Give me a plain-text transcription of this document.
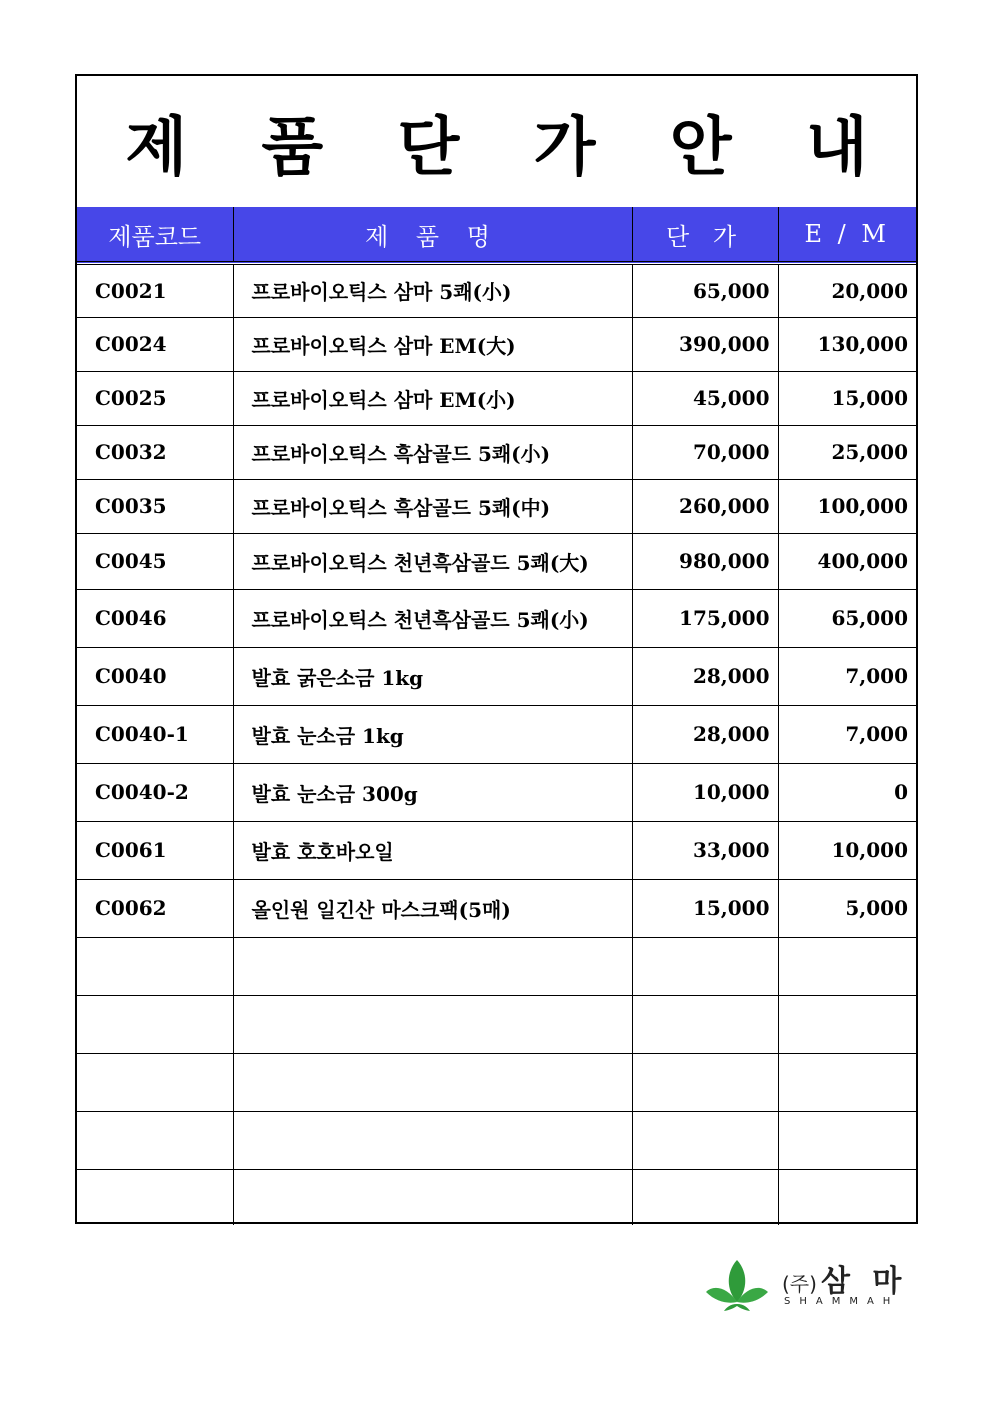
제 품 단 가 안 내
제품코드	제 품 명	단 가	E / M
C0021	프로바이오틱스 삼마 5쾌(小)	65,000	20,000
C0024	프로바이오틱스 삼마 EM(大)	390,000	130,000
C0025	프로바이오틱스 삼마 EM(小)	45,000	15,000
C0032	프로바이오틱스 흑삼골드 5쾌(小)	70,000	25,000
C0035	프로바이오틱스 흑삼골드 5쾌(中)	260,000	100,000
C0045	프로바이오틱스 천년흑삼골드 5쾌(大)	980,000	400,000
C0046	프로바이오틱스 천년흑삼골드 5쾌(小)	175,000	65,000
C0040	발효 굵은소금 1kg	28,000	7,000
C0040-1	발효 눈소금 1kg	28,000	7,000
C0040-2	발효 눈소금 300g	10,000	0
C0061	발효 호호바오일	33,000	10,000
C0062	올인원 일긴산 마스크팩(5매)	15,000	5,000

(주) 삼 마
SHAMMAH
